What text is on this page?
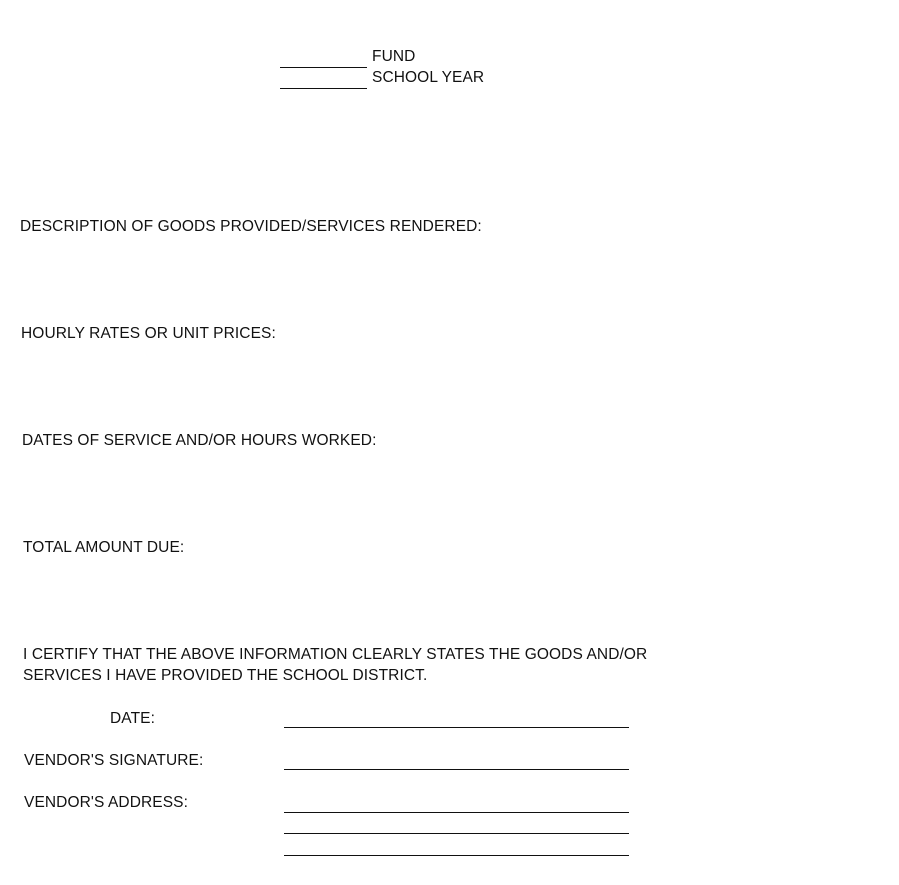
FUND
SCHOOL YEAR
DESCRIPTION OF GOODS PROVIDED/SERVICES RENDERED:
HOURLY RATES OR UNIT PRICES:
DATES OF SERVICE AND/OR HOURS WORKED:
TOTAL AMOUNT DUE:
I CERTIFY THAT THE ABOVE INFORMATION CLEARLY STATES THE GOODS AND/OR
SERVICES I HAVE PROVIDED THE SCHOOL DISTRICT.
DATE:
VENDOR'S SIGNATURE:
VENDOR'S ADDRESS:
